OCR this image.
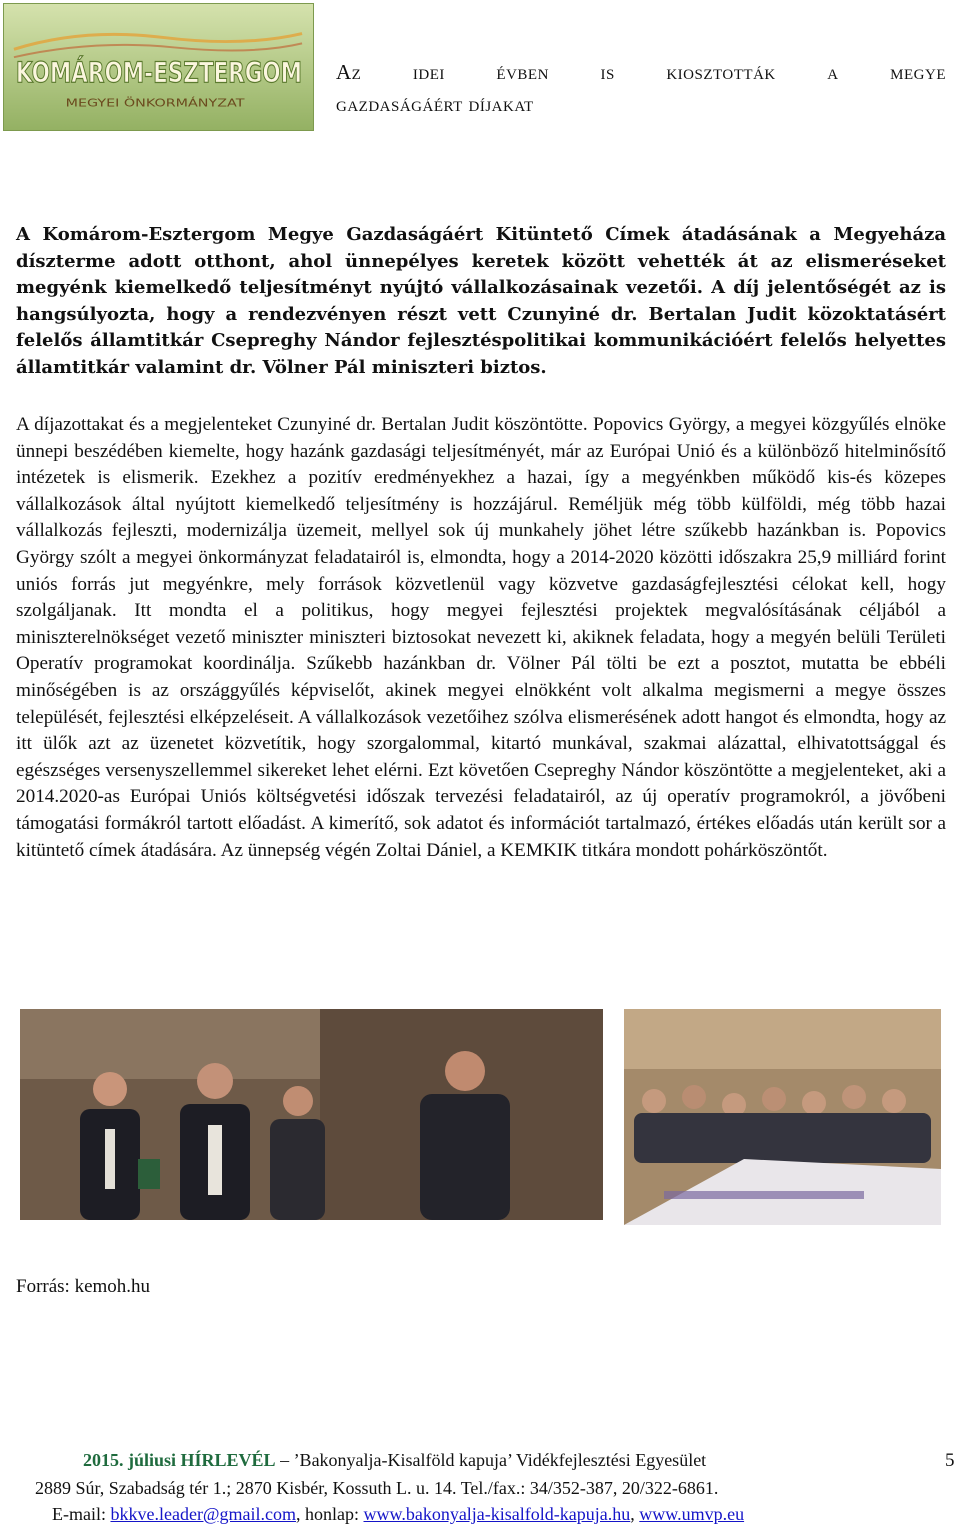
KOMÁROM-ESZTERGOM
MEGYEI ÖNKORMÁNYZAT
Az idei évben is kiosztották a megye
gazdaságáért díjakat
A Komárom-Esztergom Megye Gazdaságáért Kitüntető Címek átadásának a Megyeháza díszterme adott otthont, ahol ünnepélyes keretek között vehették át az elismeréseket megyénk kiemelkedő teljesítményt nyújtó vállalkozásainak vezetői. A díj jelentőségét az is hangsúlyozta, hogy a rendezvényen részt vett Czunyiné dr. Bertalan Judit közoktatásért felelős államtitkár Csepreghy Nándor fejlesztéspolitikai kommunikációért felelős helyettes államtitkár valamint dr. Völner Pál miniszteri biztos.
A díjazottakat és a megjelenteket Czunyiné dr. Bertalan Judit köszöntötte. Popovics György, a megyei közgyűlés elnöke ünnepi beszédében kiemelte, hogy hazánk gazdasági teljesítményét, már az Európai Unió és a különböző hitelminősítő intézetek is elismerik. Ezekhez a pozitív eredményekhez a hazai, így a megyénkben működő kis-és közepes vállalkozások által nyújtott kiemelkedő teljesítmény is hozzájárul. Reméljük még több külföldi, még több hazai vállalkozás fejleszti, modernizálja üzemeit, mellyel sok új munkahely jöhet létre szűkebb hazánkban is. Popovics György szólt a megyei önkormányzat feladatairól is, elmondta, hogy a 2014-2020 közötti időszakra 25,9 milliárd forint uniós forrás jut megyénkre, mely források közvetlenül vagy közvetve gazdaságfejlesztési célokat kell, hogy szolgáljanak. Itt mondta el a politikus, hogy megyei fejlesztési projektek megvalósításának céljából a miniszterelnökséget vezető miniszter miniszteri biztosokat nevezett ki, akiknek feladata, hogy a megyén belüli Területi Operatív programokat koordinálja. Szűkebb hazánkban dr. Völner Pál tölti be ezt a posztot, mutatta be ebbéli minőségében is az országgyűlés képviselőt, akinek megyei elnökként volt alkalma megismerni a megye összes települését, fejlesztési elképzeléseit. A vállalkozások vezetőihez szólva elismerésének adott hangot és elmondta, hogy az itt ülők azt az üzenetet közvetítik, hogy szorgalommal, kitartó munkával, szakmai alázattal, elhivatottsággal és egészséges versenyszellemmel sikereket lehet elérni. Ezt követően Csepreghy Nándor köszöntötte a megjelenteket, aki a 2014.2020-as Európai Uniós költségvetési időszak tervezési feladatairól, az új operatív programokról, a jövőbeni támogatási formákról tartott előadást. A kimerítő, sok adatot és információt tartalmazó, értékes előadás után került sor a kitüntető címek átadására. Az ünnepség végén Zoltai Dániel, a KEMKIK titkára mondott pohárköszöntőt.
Forrás: kemoh.hu
2015. júliusi HÍRLEVÉL – ’Bakonyalja-Kisalföld kapuja’ Vidékfejlesztési Egyesület	5
2889 Súr, Szabadság tér 1.; 2870 Kisbér, Kossuth L. u. 14. Tel./fax.: 34/352-387, 20/322-6861.
E-mail: bkkve.leader@gmail.com, honlap: www.bakonyalja-kisalfold-kapuja.hu, www.umvp.eu
